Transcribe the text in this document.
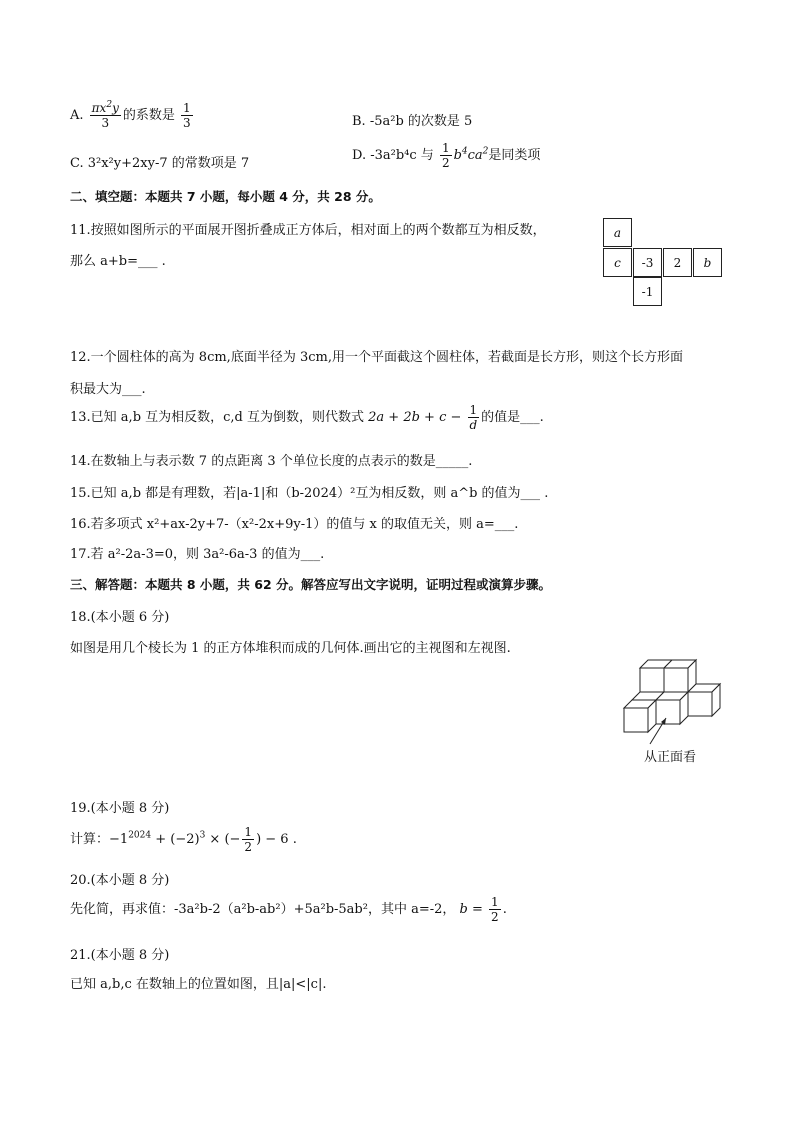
A. $\frac{\pi x^2y}{3}$ 的系数是 $\frac{1}{3}$	B. -5a²b 的次数是 5
C. 3²x²y+2xy-7 的常数项是 7
D. -3a²b⁴c 与 $\frac{1}{2} b^4ca^2$是同类项
二、填空题：本题共 7 小题，每小题 4 分，共 28 分。
11.按照如图所示的平面展开图折叠成正方体后，相对面上的两个数都互为相反数，
那么 a+b=___ .
a
c	-3	2	b
-1
12.一个圆柱体的高为 8cm,底面半径为 3cm,用一个平面截这个圆柱体，若截面是长方形，则这个长方形面
积最大为___.
13.已知 a,b 互为相反数，c,d 互为倒数，则代数式 $2a + 2b + c - \frac{1}{d}$ 的值是___.
14.在数轴上与表示数 7 的点距离 3 个单位长度的点表示的数是_____.
15.已知 a,b 都是有理数，若|a-1|和（b-2024）²互为相反数，则 a^b 的值为___ .
16.若多项式 x²+ax-2y+7-（x²-2x+9y-1）的值与 x 的取值无关，则 a=___.
17.若 a²-2a-3=0，则 3a²-6a-3 的值为___.
三、解答题：本题共 8 小题，共 62 分。解答应写出文字说明，证明过程或演算步骤。
18.(本小题 6 分)
如图是用几个棱长为 1 的正方体堆积而成的几何体.画出它的主视图和左视图.
从正面看
19.(本小题 8 分)
计算：$-1^{2024} + (-2)^3$ × (− $\frac{1}{2}$ ) − 6 .
20.(本小题 8 分)
先化简，再求值：-3a²b-2（a²b-ab²）+5a²b-5ab²，其中 a=-2， $b = \frac{1}{2}$ .
21.(本小题 8 分)
已知 a,b,c 在数轴上的位置如图，且|a|<|c|.
